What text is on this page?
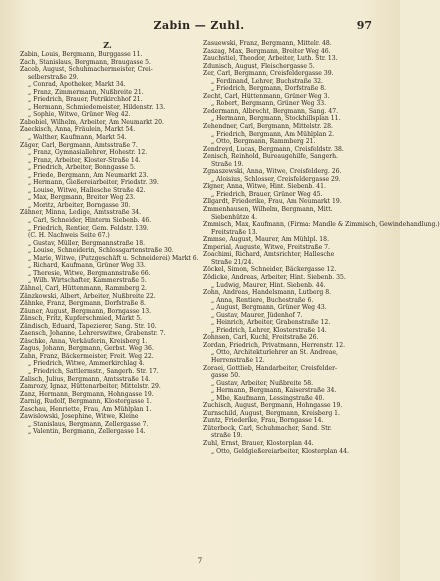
Zabin — Zuhl.	97
Z.
Zabin, Louis, Bergmann, Burggasse 11.
Zach, Stanislaus, Bergmann, Braugasse 5.
Zacob, August, Schuhmachermeister, Crei-
selberstraße 29.
„ Conrad, Apotheker, Markt 34.
„ Franz, Zimmermann, Nußbreite 21.
„ Friedrich, Brauer, Petrikirchhof 21.
„ Hermann, Schmiedemeister, Hildenstr. 13.
„ Sophie, Witwe, Grüner Weg 42.
Zabobiel, Wilhelm, Arbeiter, Am Neumarkt 20.
Zaeckisch, Anna, Fräulein, Markt 54.
„ Walther, Kaufmann, Markt 54.
Zäger, Carl, Bergmann, Amtsstraße 7.
„ Franz, Gymnasiallehrer, Hohestr. 12.
„ Franz, Arbeiter, Kloster-Straße 14.
„ Friedrich, Arbeiter, Bonngasse 5.
„ Friede, Bergmann, Am Neumarkt 23.
„ Hermann, Gießereiarbeiter, Friedstr. 39.
„ Louise, Witwe, Hallesche Straße 42.
„ Max, Bergmann, Breiter Weg 23.
„ Moritz, Arbeiter, Borngasse 30.
Zähner, Minna, Ledige, Amtsstraße 34.
„ Carl, Schneider, Hinterm Siebenb. 46.
„ Friedrich, Rentier, Gem. Feldstr. 139.
(C. H. Nachweis Seite 67.)
„ Gustav, Müller, Bergmannstraße 18.
„ Louise, Schneiderin, Schlossgartenstraße 30.
„ Marie, Witwe, (Putzgeschäft u. Schneiderei) Markt 6.
„ Richard, Kaufmann, Grüner Weg 33.
„ Theresie, Witwe, Bergmannstraße 66.
„ Wilh. Wirtschafter, Kammerstraße 5.
Zähnel, Carl, Hüttenmann, Rammberg 2.
Zänzkowski, Albert, Arbeiter, Nußbreite 22.
Zähnke, Franz, Bergmann, Dorfstraße 8.
Zäuner, August, Bergmann, Borngasse 13.
Zänsch, Fritz, Kupferschmied, Markt 5.
Zändisch, Eduard, Tapezierer, Sang. Str. 10.
Zaensch, Johanne, Lehrerswitwe, Grabenstr. 7.
Zäschke, Anna, Verkäuferin, Kreisberg 1.
Zagus, Johann, Bergmann, Gerbst. Weg 36.
Zahn, Franz, Bäckermeister, Freit. Weg 22.
„ Friedrich, Witwe, Ammerkirchlag 4.
„ Friedrich, Sattlermstr., Sangerh. Str. 17.
Zalisch, Julius, Bergmann, Amtsstraße 14.
Zamrozy, Ignaz, Hüttenarbeiter, Mittelstr. 29.
Zanz, Hermann, Bergmann, Hohngasse 19.
Zarnig, Rudolf, Bergmann, Klostergasse 1.
Zaschau, Henriette, Frau, Am Mühlplan 1.
Zawislowski, Josephine, Witwe, Kleine
„ Stanislaus, Bergmann, Zellergasse 7.
„ Valentin, Bergmann, Zellergasse 14.
Zasuewski, Franz, Bergmann, Mittelr. 48.
Zaszag, Max, Bergmann, Breiter Weg 46.
Zauchstiel, Theodor, Arbeiter, Luth. Str. 13.
Zdunisch, August, Fleischergasse 5.
Zer, Carl, Bergmann, Creisfeldergasse 39.
„ Ferdinand, Lehrer, Buchstraße 32.
„ Friedrich, Bergmann, Dorfstraße 8.
Zecht, Carl, Hüttenmann, Grüner Weg 3.
„ Robert, Bergmann, Grüner Weg 33.
Zedermann, Albrecht, Bergmann, Sang. 47.
„ Hermann, Bergmann, Stockhillsplan 11.
Zehendner, Carl, Bergmann, Mittelstr. 28.
„ Friedrich, Bergmann, Am Mühlplan 2.
„ Otto, Bergmann, Rammberg 21.
Zendreyd, Lucas, Bergmann, Creisfeldstr. 38.
Zenisch, Reinhold, Bureaugehilfe, Sangerh.
Straße 19.
Zgnaszewski, Anna, Witwe, Creisfelderg. 26.
„ Aloisius, Schlosser, Creisfeldergasse 29.
Zlgner, Anna, Witwe, Hint. Siebenb. 41.
„ Friedrich, Brauer, Grüner Weg 45.
Zllgardt, Friederike, Frau, Am Neumarkt 19.
Zmmenhausen, Wilhelm, Bergmann, Mitt.
Siebenhütze 4.
Zmmisch, Max, Kaufmann, (Firma: Mandle & Zimmisch, Gewindehandlung.)
Freitstraße 13.
Zmmse, August, Maurer, Am Mühlpl. 18.
Zmperial, Auguste, Witwe, Freitstraße 7.
Zoachimi, Richard, Amtsrichter, Hallesche
Straße 21/24.
Zöckel, Simon, Schneider, Bäckergasse 12.
Zödicke, Andreas, Arbeiter, Hint. Siebenb. 35.
„ Ludwig, Maurer, Hint. Siebenb. 44.
Zohn, Andreas, Handelsmann, Lutberg 8.
„ Anna, Rentiere, Buchestraße 6.
„ August, Bergmann, Grüner Weg 43.
„ Gustav, Maurer, Jüdenhof 7.
„ Heinrich, Arbeiter, Grabenstraße 12.
„ Friedrich, Lehrer, Klosterstraße 14.
Zohnsen, Carl, Kuchl, Freitstraße 26.
Zordan, Friedrich, Privatmann, Herrenstr. 12.
„ Otto, Architekturlehrer an St. Andreae,
Herrenstraße 12.
Zoraei, Gottlieb, Handarbeiter, Creisfelder-
gasse 50.
„ Gustav, Arbeiter, Nußbreite 58.
„ Hermann, Bergmann, Kaiserstraße 34.
„ Mbe, Kaufmann, Lessingstraße 40.
Zuchisch, August, Bergmann, Hohngasse 19.
Zurnschild, August, Bergmann, Kreisberg 1.
Zuntz, Friederike, Frau, Borngasse 14.
Züterbock, Carl, Schuhmacher, Sand. Str.
straße 19.
Zuhl, Ernst, Brauer, Klosterplan 44.
„ Otto, Geldgießereiarbeiter, Klosterplan 44.
7
